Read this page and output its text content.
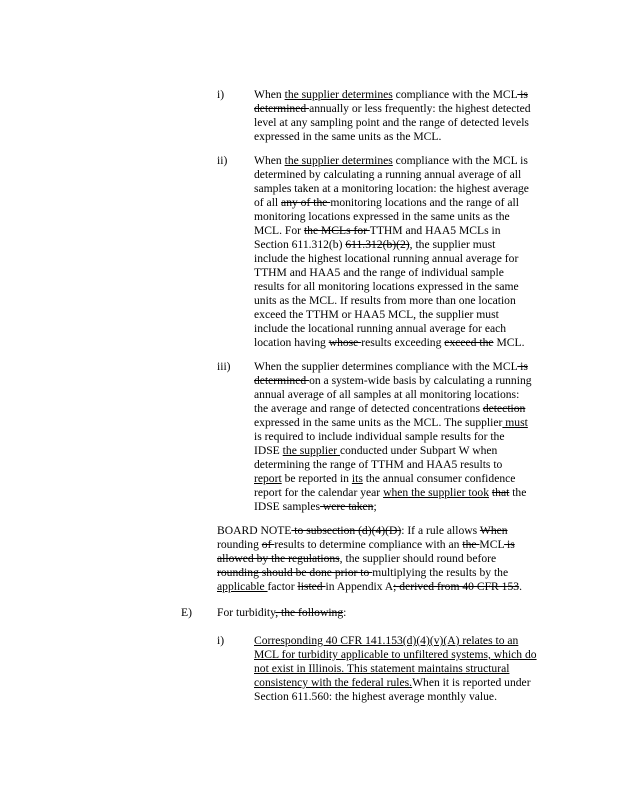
i)	When the supplier determines compliance with the MCL is
determined annually or less frequently: the highest detected
level at any sampling point and the range of detected levels
expressed in the same units as the MCL.
ii) When the supplier determines compliance with the MCL is
determined by calculating a running annual average of all
samples taken at a monitoring location: the highest average
of all any of the monitoring locations and the range of all
monitoring locations expressed in the same units as the
MCL. For the MCLs for TTHM and HAA5 MCLs in
Section 611.312(b) 611.312(b)(2), the supplier must
include the highest locational running annual average for
TTHM and HAA5 and the range of individual sample
results for all monitoring locations expressed in the same
units as the MCL. If results from more than one location
exceed the TTHM or HAA5 MCL, the supplier must
include the locational running annual average for each
location having whose results exceeding exceed the MCL.
iii) When the supplier determines compliance with the MCL is
determined on a system-wide basis by calculating a running
annual average of all samples at all monitoring locations:
the average and range of detected concentrations detection
expressed in the same units as the MCL. The supplier must
is required to include individual sample results for the
IDSE the supplier conducted under Subpart W when
determining the range of TTHM and HAA5 results to
report be reported in its the annual consumer confidence
report for the calendar year when the supplier took that the
IDSE samples were taken;
BOARD NOTE to subsection (d)(4)(D): If a rule allows When
rounding of results to determine compliance with an the MCL is
allowed by the regulations, the supplier should round before
rounding should be done prior to multiplying the results by the
applicable factor listed in Appendix A; derived from 40 CFR 153.
E) For turbidity, the following:
i)	Corresponding 40 CFR 141.153(d)(4)(v)(A) relates to an
MCL for turbidity applicable to unfiltered systems, which do
not exist in Illinois. This statement maintains structural
consistency with the federal rules.When it is reported under
Section 611.560: the highest average monthly value.
